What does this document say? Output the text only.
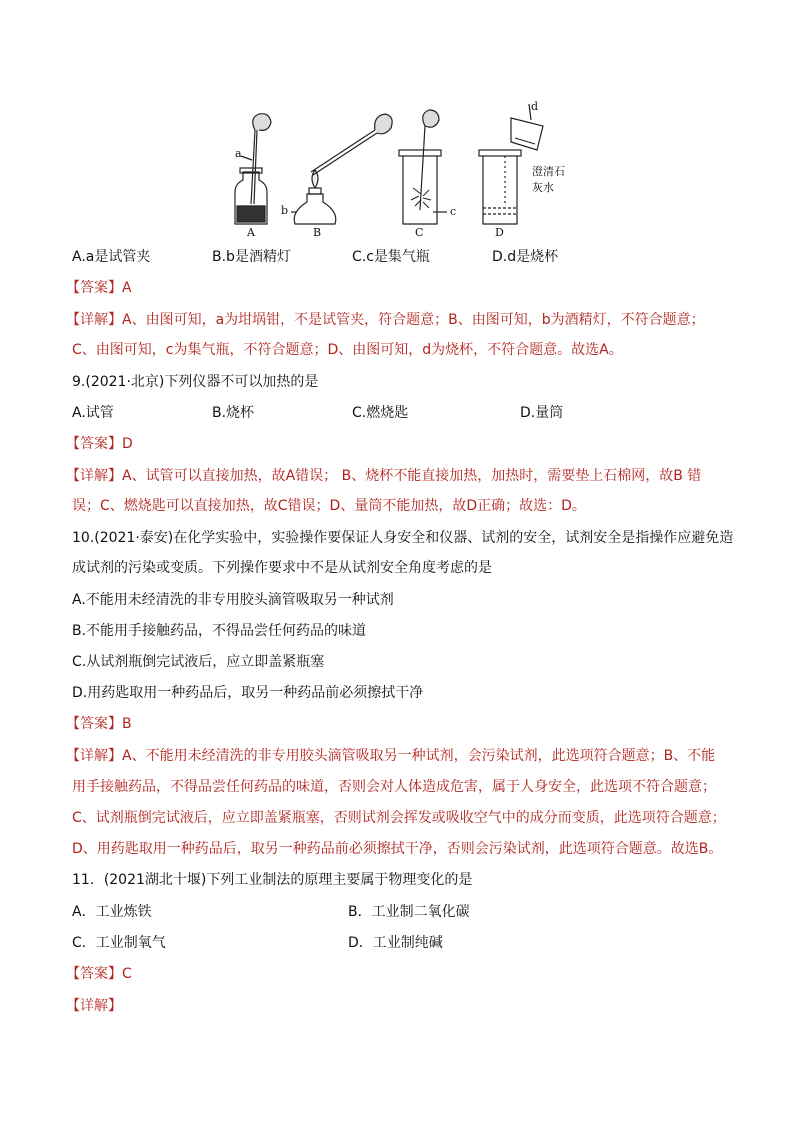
a
A
b
B
c
C
d
澄清石
灰水
D
A.a是试管夹	B.b是酒精灯	C.c是集气瓶	D.d是烧杯
【答案】A
【详解】A、由图可知，a为坩埚钳，不是试管夹，符合题意；B、由图可知，b为酒精灯，不符合题意；
C、由图可知，c为集气瓶，不符合题意；D、由图可知，d为烧杯，不符合题意。故选A。
9.(2021·北京)下列仪器不可以加热的是
A.试管	B.烧杯	C.燃烧匙	D.量筒
【答案】D
【详解】A、试管可以直接加热，故A错误； B、烧杯不能直接加热，加热时，需要垫上石棉网，故B 错
误；C、燃烧匙可以直接加热，故C错误；D、量筒不能加热，故D正确；故选：D。
10.(2021·泰安)在化学实验中，实验操作要保证人身安全和仪器、试剂的安全，试剂安全是指操作应避免造
成试剂的污染或变质。下列操作要求中不是从试剂安全角度考虑的是
A.不能用未经清洗的非专用胶头滴管吸取另一种试剂
B.不能用手接触药品，不得品尝任何药品的味道
C.从试剂瓶倒完试液后，应立即盖紧瓶塞
D.用药匙取用一种药品后，取另一种药品前必须擦拭干净
【答案】B
【详解】A、不能用未经清洗的非专用胶头滴管吸取另一种试剂，会污染试剂，此选项符合题意；B、不能
用手接触药品，不得品尝任何药品的味道，否则会对人体造成危害，属于人身安全，此选项不符合题意；
C、试剂瓶倒完试液后，应立即盖紧瓶塞，否则试剂会挥发或吸收空气中的成分而变质，此选项符合题意；
D、用药匙取用一种药品后，取另一种药品前必须擦拭干净，否则会污染试剂，此选项符合题意。故选B。
11．(2021湖北十堰)下列工业制法的原理主要属于物理变化的是
A．工业炼铁	B．工业制二氧化碳
C．工业制氧气	D．工业制纯碱
【答案】C
【详解】
